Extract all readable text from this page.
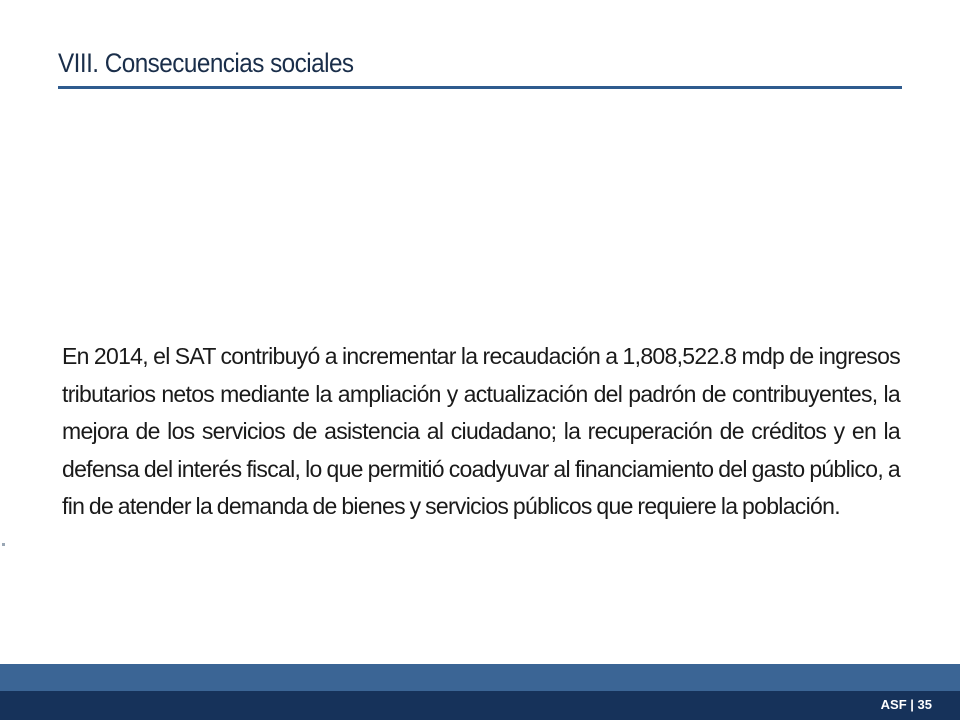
VIII. Consecuencias sociales
En 2014, el SAT contribuyó a incrementar la recaudación a 1,808,522.8 mdp de ingresos tributarios netos mediante la ampliación y actualización del padrón de contribuyentes, la mejora de los servicios de asistencia al ciudadano; la recuperación de créditos y en la defensa del interés fiscal, lo que permitió coadyuvar al financiamiento del gasto público, a fin de atender la demanda de bienes y servicios públicos que requiere la población.
ASF | 35
